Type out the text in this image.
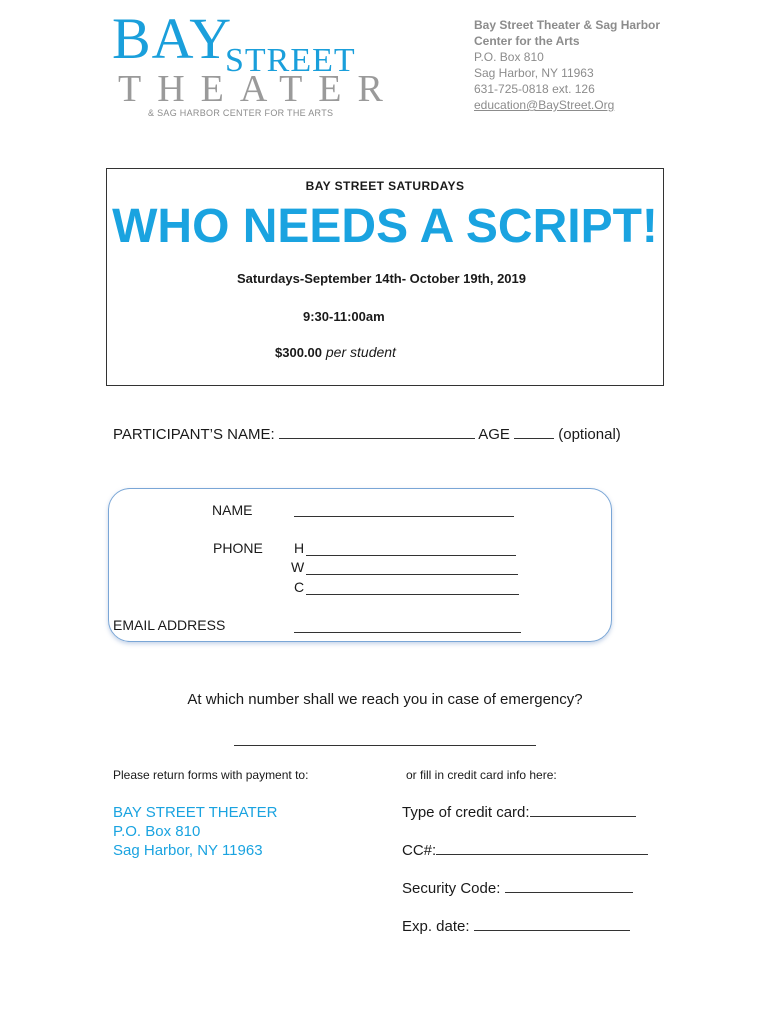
BAY
STREET
THEATER
& SAG HARBOR CENTER FOR THE ARTS
Bay Street Theater & Sag Harbor
Center for the Arts
P.O. Box 810
Sag Harbor, NY 11963
631-725-0818 ext. 126
education@BayStreet.Org
BAY STREET SATURDAYS
WHO NEEDS A SCRIPT!
Saturdays-September 14th- October 19th, 2019
9:30-11:00am
$300.00 per student
PARTICIPANT’S NAME:	AGE	(optional)
NAME
PHONE H
W
C
EMAIL ADDRESS
At which number shall we reach you in case of emergency?
Please return forms with payment to:	or fill in credit card info here:
BAY STREET THEATER
P.O. Box 810
Sag Harbor, NY 11963
Type of credit card:
CC#:
Security Code:
Exp. date:
